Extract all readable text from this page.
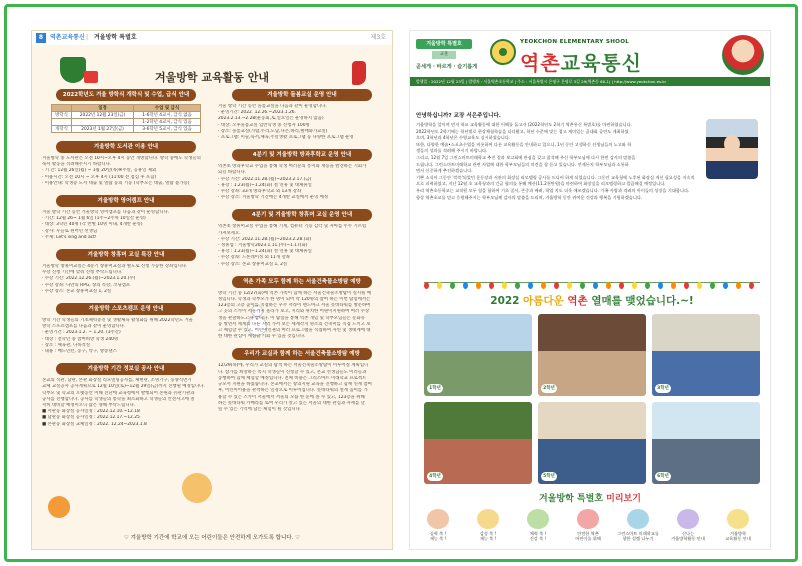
8	역촌교육통신 | 겨울방학 특별호	제3호
겨울방학 교육활동 안내
2022학년도 겨울 방학식 개학식 및 수업, 급식 안내
	일정	수업 및 급식
방학식	2022년 12월 23일(금)	1-6학년 4교시, 급식 없음
		1-2학년 4교시, 급식 있음
개학식	2023년 1월 27일(금)	3-6학년 5교시, 급식 있음
겨울방학 도서관 이용 안내
겨울방학 중 도서관은 오전 10시~오후 4시 동안 개방합니다. 방학 중에도 학생들의
독서 활동을 격려해주시기 바랍니다.
· 기 간: 12월 26일(월) ~ 1월 20일(목)※주말, 공휴일 제외
· 이용시간: 오전 10시 ~ 오후 4시 (11:00 전 점심 후 포함)
· 이용안내: 학생증 도서 대출 및 열람 등의 기능 (학부모는 대출, 열람 불가능)
겨울방학 영어캠프 안내
겨울 방학 기간 동안 겨울방학 영어캠프를 다음과 같이 운영합니다.
· 기간: 12월 26~ 1월 6일 (1주~2주차 10일간 운영)
· 대상: 3학년 40명 (각 반별 10명 이내, 4개반 운영)
· 강사: 우들로 원어민 선생님
· 주제: Let's sing and act!
겨울방학 창휴머 교실 특강 안내
겨울방학 창휴머교실은 4분기 창휴머교실과 별도로 신청 가능한 강좌입니다.
수강 신청 기간에 맞춰 신청 부탁드립니다.
· 수강 기간: 2022.12.26.(월)~2023.1.20.(수)
· 수강 강좌: 나만의 RPG, 창의 특강, 코딩캠프
· 수강 장소: 본교 창휴머교실 1, 2실
겨울방학 스포츠캠프 운영 안내
방학 기간 학생들의 기초체력증진 및 생활체육 활성화를 위해 2022학년도 겨울
방학 스포츠캠프를 다음과 같이 운영합니다.
· 운영기간 : 2023.1.2. ~ 1.20. (3주간)
· 대상 : 전학년 중 참여희망 학생 240명
· 장소 : 체육관, 다목적실
· 내용 : 배드민턴, 농구, 탁구, 방송댄스
겨울방학 기간 정보실 공사 안내
본교의 석관, 남관, 본관 화장실 리모델링공사를, 체현관, 조명기구, 동양석면기
교체 교실공사 공사계획으로 12월 10일(토)~12월 29일(금)까지 진행될 예정입니다.
학부모 및 학교의 오랫동안 이해 진단에 교육청에서 발행되어 본원과 유관기관과
공사를 진행합니다. 공사를 학생들의 통학을 최소화하고 학생들의 안전사고에 철
저히 대비할 예정이오니 많은 양해 부탁드립니다.
■ 서관동 화장실 공사일정 : 2022.12.10.~12.18
■ 남관동 화장실 공사일정 : 2022.12.17.~12.25
■ 본관동 화장실 교체일정 : 2022. 12.24~2023.1.8
겨울방학 돌봄교실 운영 안내
겨울 방학 기간 동안 돌봄교실을 다음과 같이 운영합니다.
· 운영기간: 2022. 12.26.~2023.1.26.
2023.2.13.~2.28(운동회,토,일요일은 운영하지 않음)
· 대상: 오후돌봄교실 입반학생 중 신청자 100명
· 장소: 돌봄교실(가람,누리,도담,다온,하리,별애와가교실)
· 프로그램: 미술,독서,체육,주말생활 프로그램 등 다양한 프로그램 운영
4분기 및 겨울방학 방과후학교 운영 안내
역촌초 방과후학교 수업을 통해 학생 여러분의 흥미와 재능을 발견하는 기회가
되길 바랍니다.
· 수강 기간: 2022.11.28.(월)~2023.2.17.(금)
- 휴강 : 1.23(월)~1.24(화) 설 연휴 및 대체휴일
· 수강 강좌: 33개 방과후학교 외 13개 강좌
· 수강 장소: 겨울방학 기간에는 4개반 교실에서 운영 예정
4분기 및 겨울방학 창휴머 교실 운영 안내
역촌초 창휴머교실 수업을 통해 기계, 컴퓨터 기능 감각 및 자아를 두두 기르렴
가져보세요.
· 수강 기간: 2022.11.28.(월)~2023.2.28.(화)
- 정휴업 : 겨울방학2023.1.11.(수)~1.17(화)
- 휴강 : 1.23(월)~1.24(화) 설 연휴 및 대체휴일
· 수강 강좌: 드론레이싱 외 11개 강좌
· 수강 장소: 본교 창휴머교실 1, 2실
역촌 가족 모두 함께 하는 서울건축물소방탐 예방
방학 기간 중 12/27(화)에 역촌 가족이 함께 하는 서울건축물소방탐이 실시될 예
정입니다. 학생과 학부모가 한 명이 되어 약 120명의 참여 하는 이번 탐험에서는
123층의 고층 높이를 직접하는 우주 서라이 랜드마크 서울 롯데타워를 방문하여
그 곳의 스카이 서울까지 올라가 보고, 지리와 위치한 어원이지원하여 여러 수상
생을 관찰하도고자 합니다. 이 탐험을 통해 역촌 개념 및 학부모님들은 문화유
등 방면서 세계의 다른 지역 가서 보는 세계각지 명소의 건축미를 직접 느끼고 보
고 체험할 수 있고, 어린이인권의 여러 프로그램을 직접하며 자연 및 생태계에 대
한 대한 관심이 깨짐할 기회 수 있을 것입니다.
우리가 교실과 함께 하는 서울건축물소방탐 예방
12/29(목)에, 우리가 교실의 탐색 하는 서울건축물소방탐이 이루어질 계획입니
다. 참가를 희망하는 복지 학생들이 신청할 수 있고, 본교 선생님들도 이러들과
동행하여 함께 체험할 예정입니다. 전체 비용은 그리스마트 미래학교 프로젝트
규모서 지원을 하였습니다. 본교에서는 창의지원 교육을 진행하고 함께 연계 참여
후, 어린이이용을 관객하는 일정으로 이루어집니다. 롯데타워의 설계 높이를 가
용할 수 있는 스카이 서울에서 서울의 모습 한 눈에 볼 수 있고, 123층을 위해
하는 롯데타워 카메라를 토여 우리가 살고 있는 서울의 대한 관심과 자세를 날
릴 수 있는 기억에 남는 체험이 될 것입니다.
♡ 겨울방학 기간에 학교에 오는 어린이들은 안전하게 오가도록 합니다. ♡
겨울방학 특별호
교훈
곧세게 · 바르게 · 슬기롭게
YEOKCHON ELEMENTARY SHOOL
역촌교육통신
발행일 : 2022년 12월 23일 | 발행처 : 서울역촌초등학교 | 주소 : 서울특별시 은평구 은평로 3길 29(역촌동 60-1) | http://www.yeokchon.es.kr
안녕하십니까? 교장 서은주입니다.
겨울방학을 앞이며 먼저 학교 교육활동에 대한 이해를 돕고자 (2022학년도 2학기 역촌통신 특별호)를 마련하였습니다.
2022학년도 2학기에는 학년별로 현장체험학습을 다녀왔고, 학년 수준에 맞는 접고 재미있는 골대회 공연도 개최하였
으며, 3학년과 4학년은 수영교육도 실시하였습니다.
또한, 다양한 예술•스포츠수업을 비롯하여 다른 교육활동을 안내하고 있으니, 1년 동안 고생하신 선생님들의 노고와 학
생들의 성과를 격려해 주시기 바랍니다.
그리고, 12월 7일 그린스마트미래학교 추진 결과 보고회에 관심을 갖고 참석해 주신 학부모님께 다시 한번 감사의 말씀을
드립니다. 그린스마트미래학교 관련 사업에 대한 학부모님들의 의견을 잘 듣고 있습니다. 언제든지 학부모님과 소통하
면서 신중하게 추진하겠습니다.
기쁜 소식이 그동안 '쓱쓱'되었던 운동장과 서관의 화장실 리모델링 공사를 드디어 하게 되었습니다. 그동안 교육청에 노후된 화장실 개선 필요성을 지속적
으로 피력하였고, 지난 12월 초 교육청과의 긴급 협의를 통해 예산(11.2천만원)을 마련하여 화장실을 리모델링하고 깔끔해질 예정입니다.
우리 역촌초등학교는 교직원 모두 힘을 합하여 기초 질서, 존중과 배려, 학업 지도 더욱 애쓰겠습니다. 가족 사랑과 격려의 아이들의 성장을 기대합니다.
항상 역촌초교를 믿고 응원해주시는 학부모님께 감사의 말씀을 드리며, 겨울방학 동안 귀여운 건강과 행복을 기원하겠습니다.
2022 아름다운 역촌 열매를 맺었습니다.~!
1학년	2학년	3학년
4학년	5학년	6학년
겨울방학 특별호 미리보기
실력 쑥 !
재능 쑥 !
감성 쑥 !
재능 쑥 !
체력 쑥 !
건강 쑥 !
안전한 역촌
어린이를 위해
그린스마트 미래학교를
향한 설렘 나누기
신나는
겨울방학활동 안내
겨울방학
교육활동 안내
